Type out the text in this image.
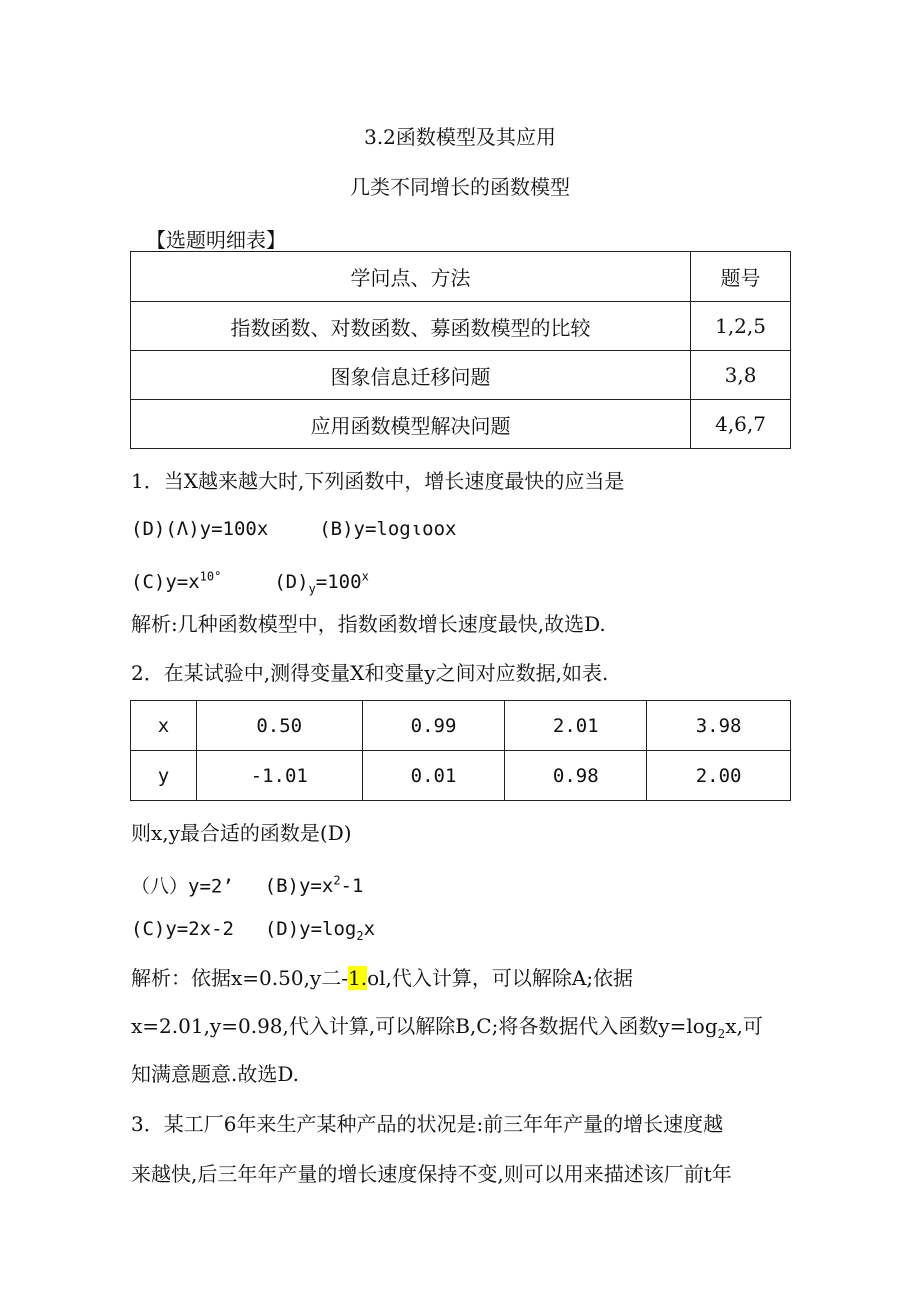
3.2函数模型及其应用
几类不同增长的函数模型
【选题明细表】
学问点、方法	题号
指数函数、对数函数、募函数模型的比较	1,2,5
图象信息迁移问题	3,8
应用函数模型解决问题	4,6,7
1．当X越来越大时,下列函数中，增长速度最快的应当是
(D)(Λ)y=100x	(B)y=logιoox
$(C)y=x^{10^\circ}$	$(D)_y=100^x$
解析:几种函数模型中，指数函数增长速度最快,故选D.
2．在某试验中,测得变量X和变量y之间对应数据,如表.
x	0.50	0.99	2.01	3.98
y	-1.01	0.01	0.98	2.00
则x,y最合适的函数是(D)
（八）y=2’ $(B)y=x^2-1$
(C)y=2x-2 $(D)y=\log_2x$
解析：依据x=0.50,y二-1.ol,代入计算，可以解除A;依据
x=2.01,y=0.98,代入计算,可以解除B,C;将各数据代入函数$y=\log_2x$,可
知满意题意.故选D.
3．某工厂6年来生产某种产品的状况是:前三年年产量的增长速度越
来越快,后三年年产量的增长速度保持不变,则可以用来描述该厂前t年
